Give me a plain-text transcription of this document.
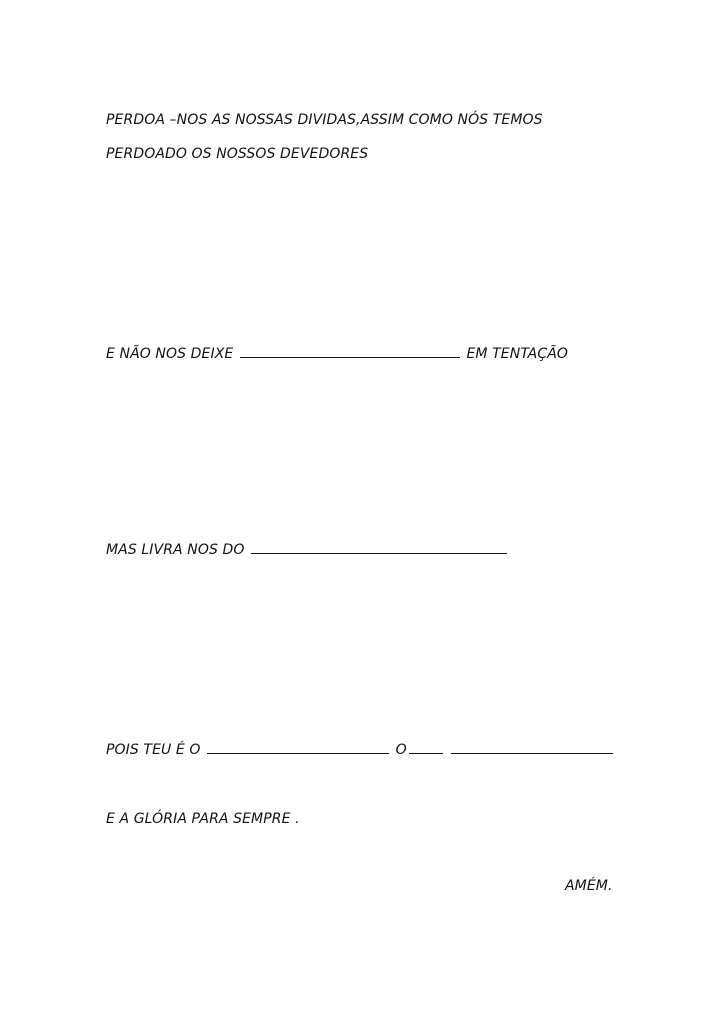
PERDOA –NOS AS NOSSAS DIVIDAS,ASSIM COMO NÓS TEMOS
PERDOADO OS NOSSOS DEVEDORES
E NÃO NOS DEIXE	EM TENTAÇÃO
MAS LIVRA NOS DO
POIS TEU É O	O
E A GLÓRIA PARA SEMPRE .
AMÉM.
